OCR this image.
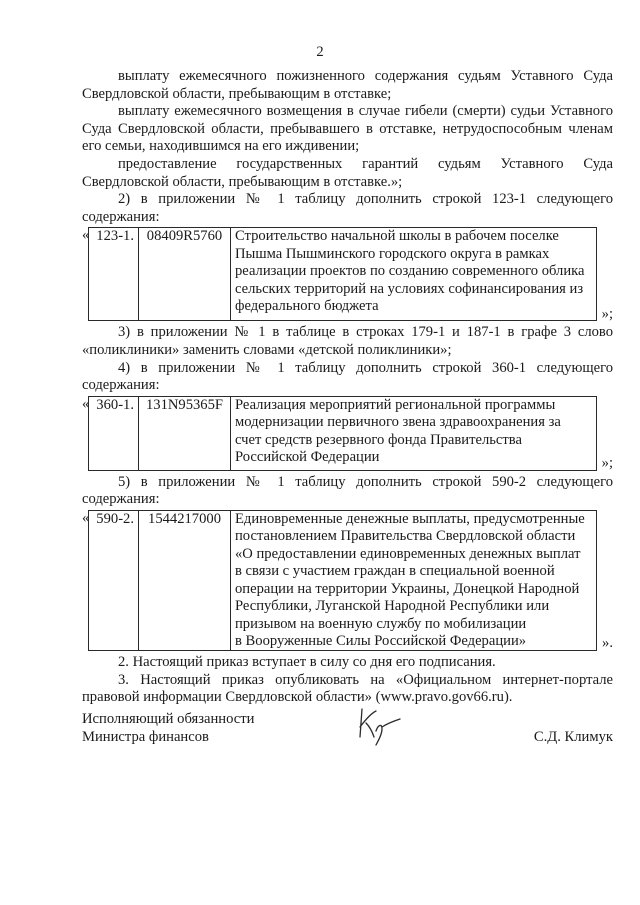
2

выплату ежемесячного пожизненного содержания судьям Уставного Суда Свердловской области, пребывающим в отставке;

выплату ежемесячного возмещения в случае гибели (смерти) судьи Уставного Суда Свердловской области, пребывавшего в отставке, нетрудоспособным членам его семьи, находившимся на его иждивении;

предоставление государственных гарантий судьям Уставного Суда Свердловской области, пребывающим в отставке.»;

2) в приложении № 1 таблицу дополнить строкой 123-1 следующего содержания:

« 123-1. 08409R5760 Строительство начальной школы в рабочем поселке
Пышма Пышминского городского округа в рамках
реализации проектов по созданию современного облика
сельских территорий на условиях софинансирования из
федерального бюджета	»;

3) в приложении № 1 в таблице в строках 179-1 и 187-1 в графе 3 слово «поликлиники» заменить словами «детской поликлиники»;

4) в приложении № 1 таблицу дополнить строкой 360-1 следующего содержания:

« 360-1. 131N95365F Реализация мероприятий региональной программы
модернизации первичного звена здравоохранения за
счет средств резервного фонда Правительства
Российской Федерации	»;

5) в приложении № 1 таблицу дополнить строкой 590-2 следующего содержания:

« 590-2. 1544217000 Единовременные денежные выплаты, предусмотренные
постановлением Правительства Свердловской области
«О предоставлении единовременных денежных выплат
в связи с участием граждан в специальной военной
операции на территории Украины, Донецкой Народной
Республики, Луганской Народной Республики или
призывом на военную службу по мобилизации
в Вооруженные Силы Российской Федерации»	».

2. Настоящий приказ вступает в силу со дня его подписания.

3. Настоящий приказ опубликовать на «Официальном интернет-портале правовой информации Свердловской области» (www.pravo.gov66.ru).

Исполняющий обязанности
Министра финансов	С.Д. Климук
